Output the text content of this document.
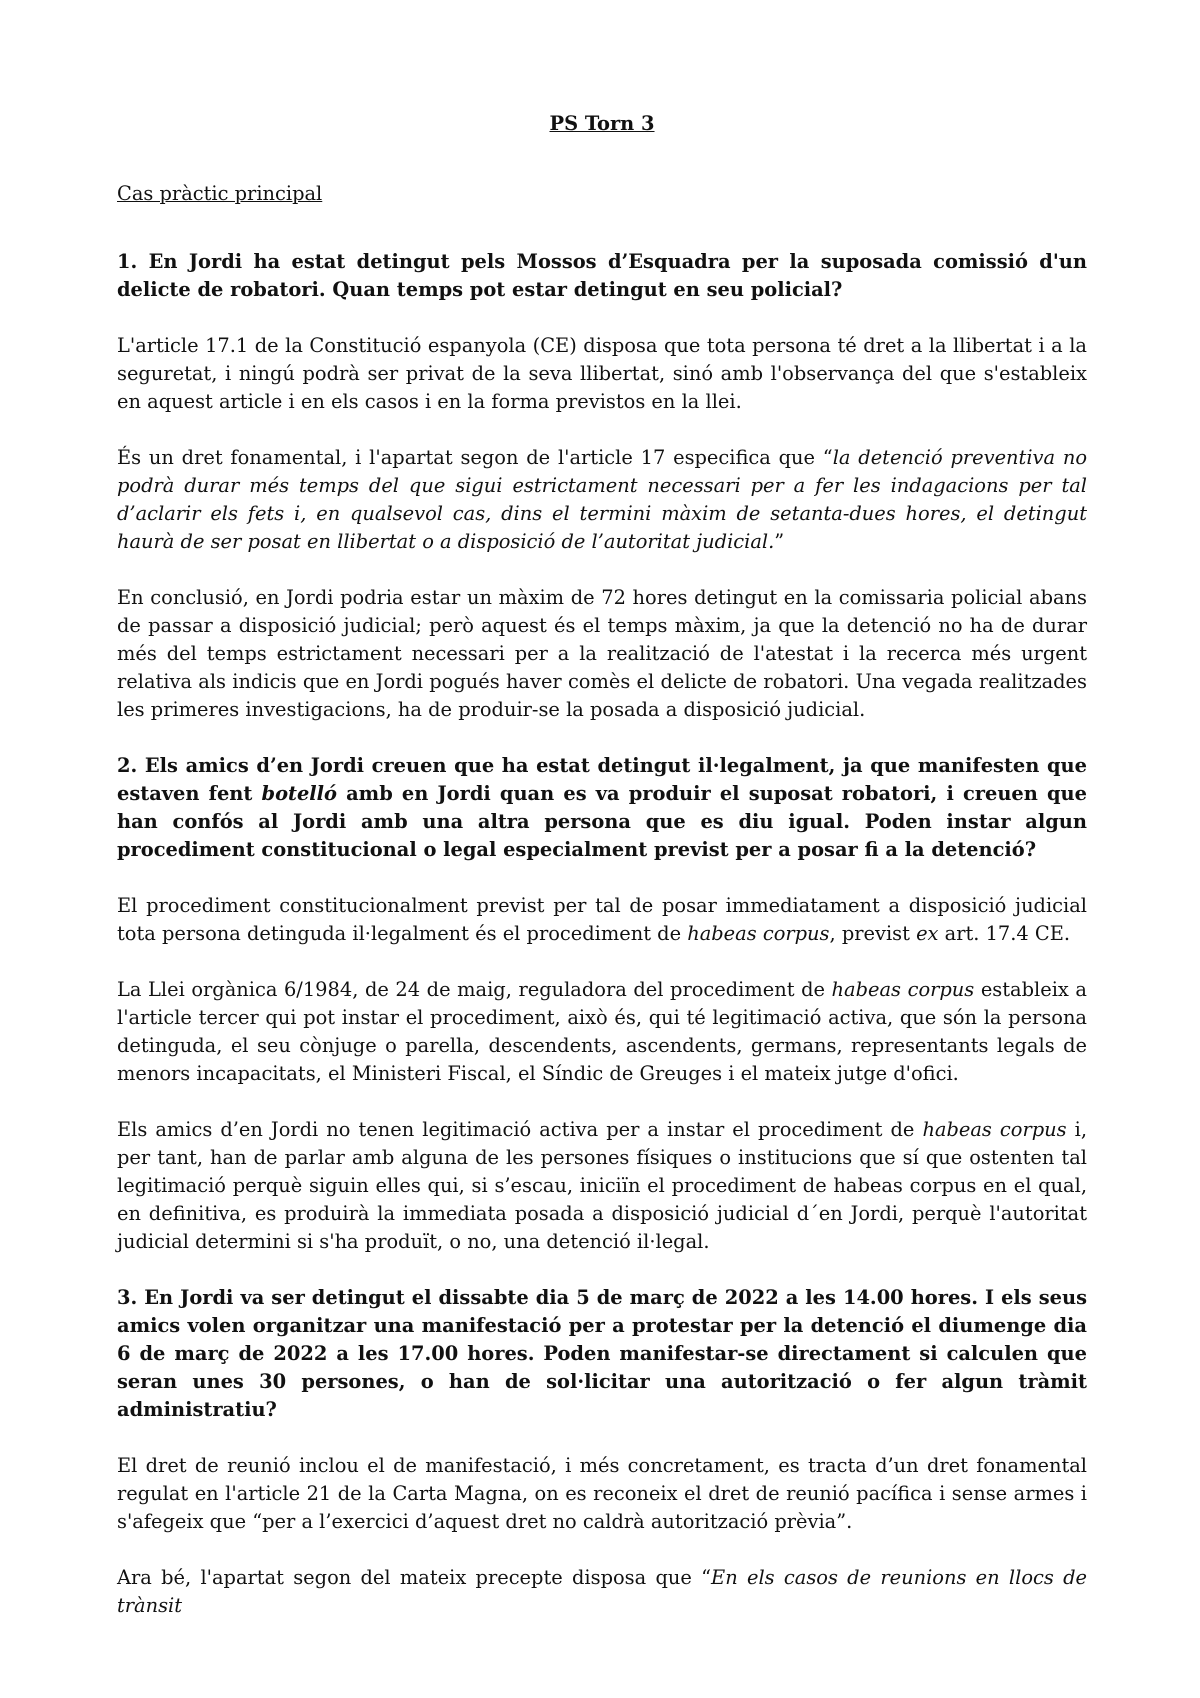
PS Torn 3
Cas pràctic principal
1. En Jordi ha estat detingut pels Mossos d’Esquadra per la suposada comissió d'un delicte de robatori. Quan temps pot estar detingut en seu policial?
L'article 17.1 de la Constitució espanyola (CE) disposa que tota persona té dret a la llibertat i a la seguretat, i ningú podrà ser privat de la seva llibertat, sinó amb l'observança del que s'estableix en aquest article i en els casos i en la forma previstos en la llei.
És un dret fonamental, i l'apartat segon de l'article 17 especifica que “la detenció preventiva no podrà durar més temps del que sigui estrictament necessari per a fer les indagacions per tal d’aclarir els fets i, en qualsevol cas, dins el termini màxim de setanta-dues hores, el detingut haurà de ser posat en llibertat o a disposició de l’autoritat judicial.”
En conclusió, en Jordi podria estar un màxim de 72 hores detingut en la comissaria policial abans de passar a disposició judicial; però aquest és el temps màxim, ja que la detenció no ha de durar més del temps estrictament necessari per a la realització de l'atestat i la recerca més urgent relativa als indicis que en Jordi pogués haver comès el delicte de robatori. Una vegada realitzades les primeres investigacions, ha de produir-se la posada a disposició judicial.
2. Els amics d’en Jordi creuen que ha estat detingut il·legalment, ja que manifesten que estaven fent botelló amb en Jordi quan es va produir el suposat robatori, i creuen que han confós al Jordi amb una altra persona que es diu igual. Poden instar algun procediment constitucional o legal especialment previst per a posar fi a la detenció?
El procediment constitucionalment previst per tal de posar immediatament a disposició judicial tota persona detinguda il·legalment és el procediment de habeas corpus, previst ex art. 17.4 CE.
La Llei orgànica 6/1984, de 24 de maig, reguladora del procediment de habeas corpus estableix a l'article tercer qui pot instar el procediment, això és, qui té legitimació activa, que són la persona detinguda, el seu cònjuge o parella, descendents, ascendents, germans, representants legals de menors incapacitats, el Ministeri Fiscal, el Síndic de Greuges i el mateix jutge d'ofici.
Els amics d’en Jordi no tenen legitimació activa per a instar el procediment de habeas corpus i, per tant, han de parlar amb alguna de les persones físiques o institucions que sí que ostenten tal legitimació perquè siguin elles qui, si s’escau, iniciïn el procediment de habeas corpus en el qual, en definitiva, es produirà la immediata posada a disposició judicial d´en Jordi, perquè l'autoritat judicial determini si s'ha produït, o no, una detenció il·legal.
3. En Jordi va ser detingut el dissabte dia 5 de març de 2022 a les 14.00 hores. I els seus amics volen organitzar una manifestació per a protestar per la detenció el diumenge dia 6 de març de 2022 a les 17.00 hores. Poden manifestar-se directament si calculen que seran unes 30 persones, o han de sol·licitar una autorització o fer algun tràmit administratiu?
El dret de reunió inclou el de manifestació, i més concretament, es tracta d’un dret fonamental regulat en l'article 21 de la Carta Magna, on es reconeix el dret de reunió pacífica i sense armes i s'afegeix que “per a l’exercici d’aquest dret no caldrà autorització prèvia”.
Ara bé, l'apartat segon del mateix precepte disposa que “En els casos de reunions en llocs de trànsit
